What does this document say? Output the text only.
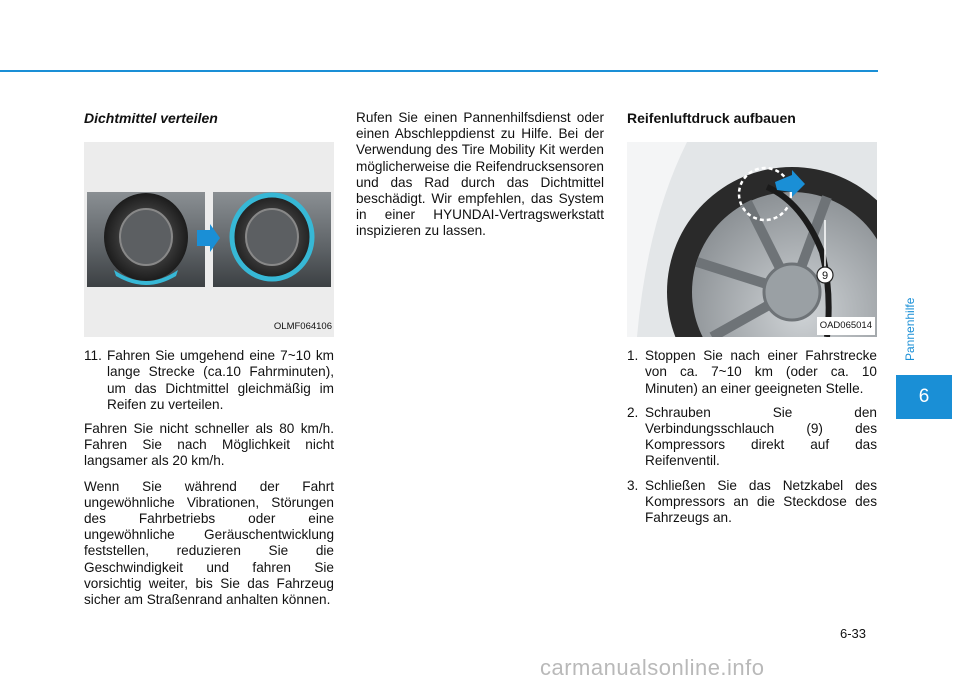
Pannenhilfe
6
Dichtmittel verteilen
OLMF064106
11. Fahren Sie umgehend eine 7~10 km lange Strecke (ca.10 Fahrminuten), um das Dichtmittel gleichmäßig im Reifen zu verteilen.

Fahren Sie nicht schneller als 80 km/h. Fahren Sie nach Möglichkeit nicht langsamer als 20 km/h.

Wenn Sie während der Fahrt ungewöhnliche Vibrationen, Störungen des Fahrbetriebs oder eine ungewöhnliche Geräuschentwicklung feststellen, reduzieren Sie die Geschwindigkeit und fahren Sie vorsichtig weiter, bis Sie das Fahrzeug sicher am Straßenrand anhalten können.

Rufen Sie einen Pannenhilfsdienst oder einen Abschleppdienst zu Hilfe. Bei der Verwendung des Tire Mobility Kit werden möglicherweise die Reifendrucksensoren und das Rad durch das Dichtmittel beschädigt. Wir empfehlen, das System in einer HYUNDAI-Vertragswerkstatt inspizieren zu lassen.

Reifenluftdruck aufbauen
9
OAD065014
1. Stoppen Sie nach einer Fahrstrecke von ca. 7~10 km (oder ca. 10 Minuten) an einer geeigneten Stelle.
2. Schrauben Sie den Verbindungsschlauch (9) des Kompressors direkt auf das Reifenventil.
3. Schließen Sie das Netzkabel des Kompressors an die Steckdose des Fahrzeugs an.
6-33
carmanualsonline.info
